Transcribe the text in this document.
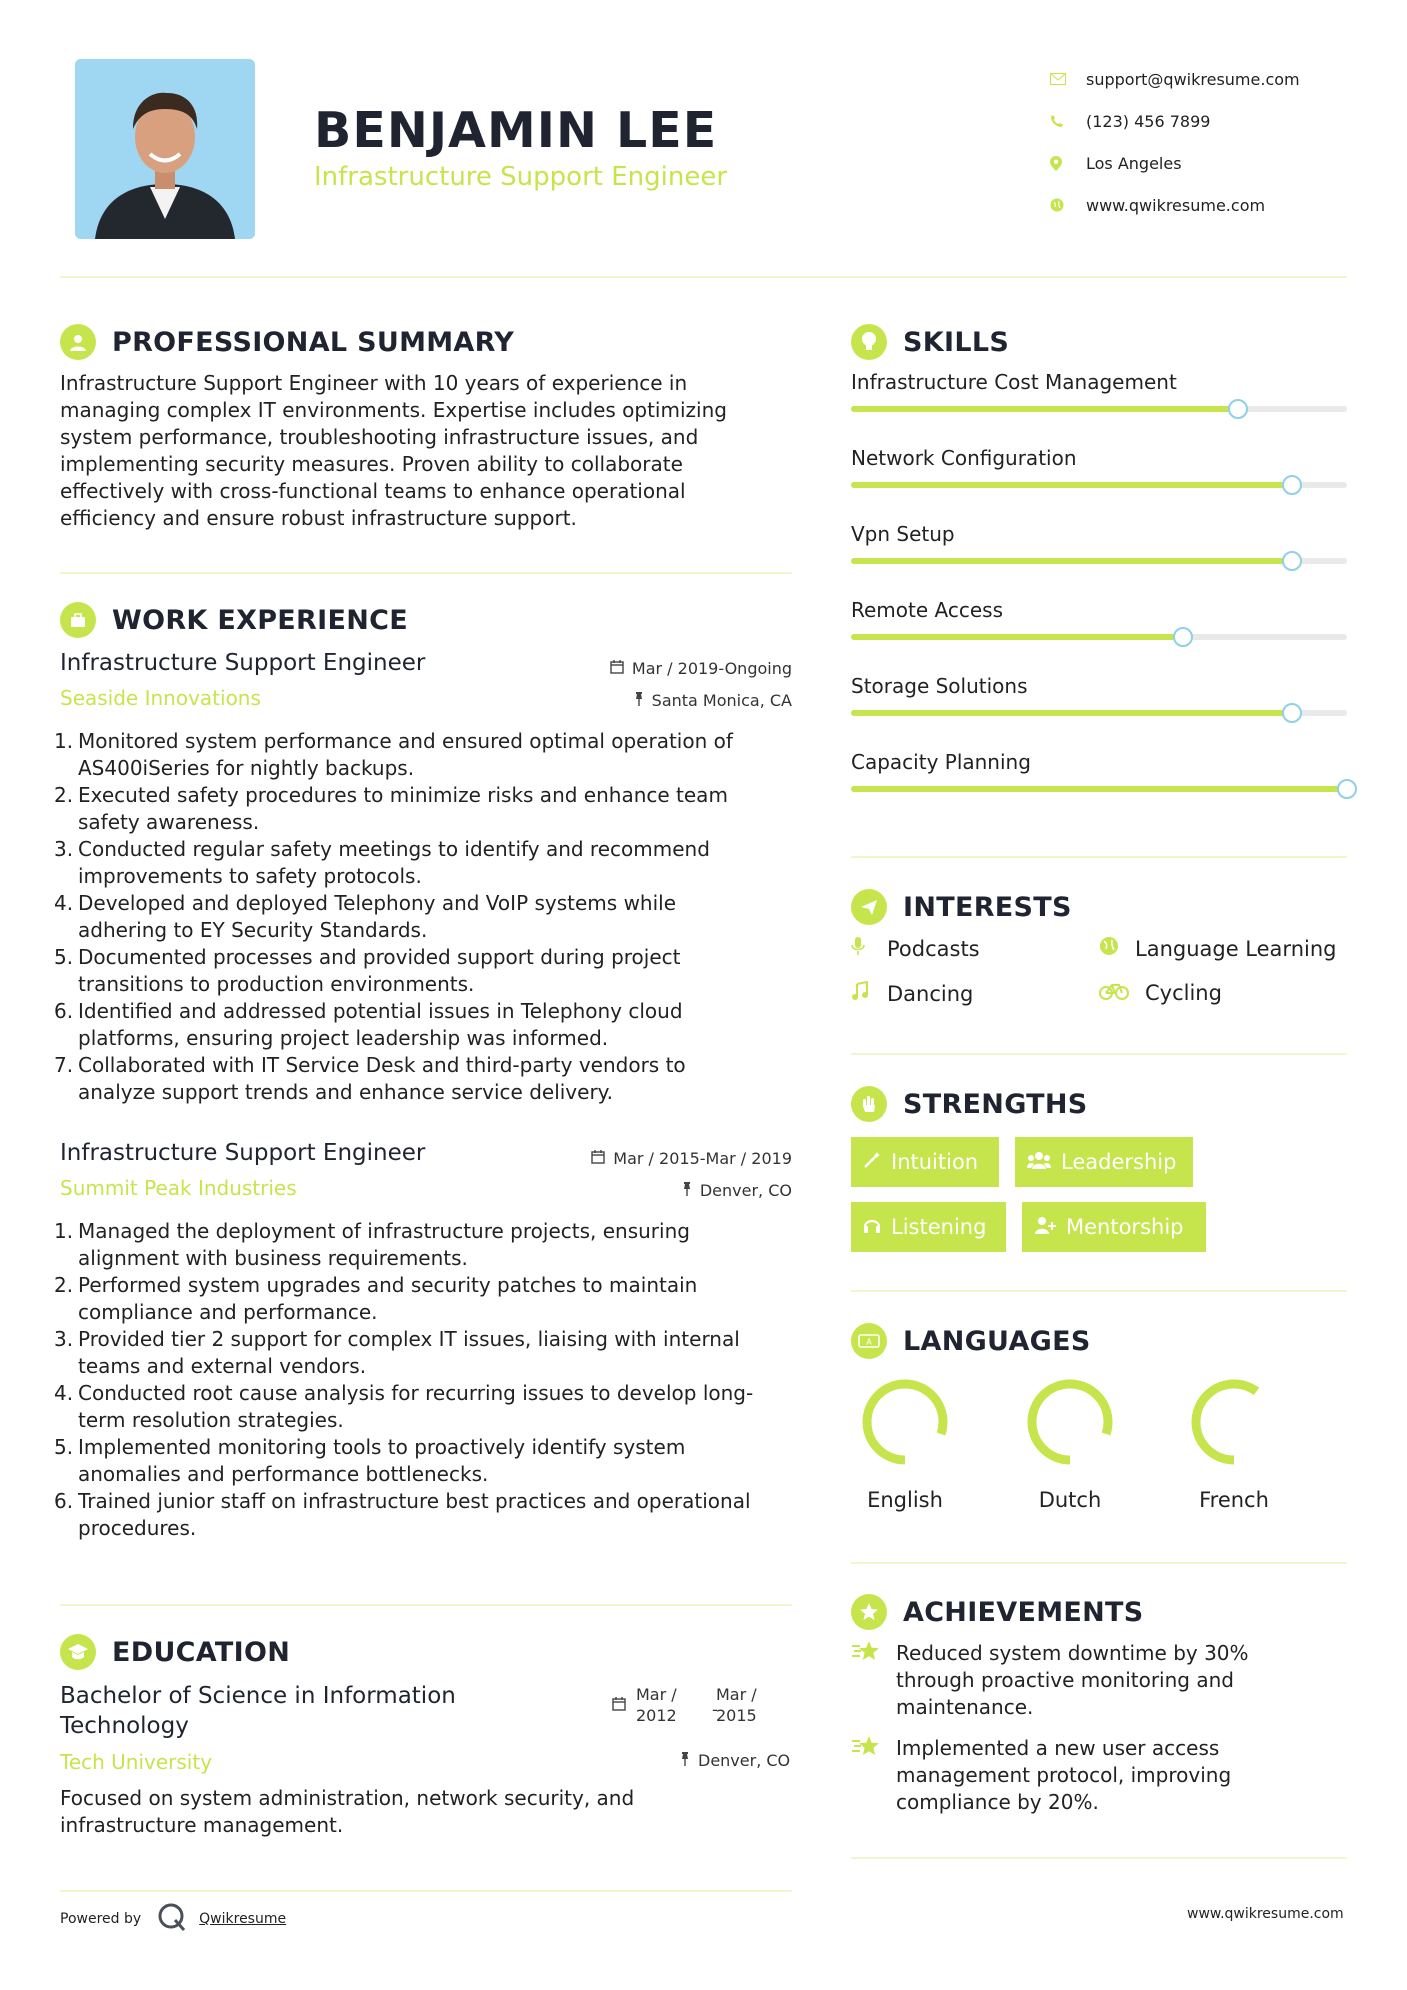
BENJAMIN LEE
Infrastructure Support Engineer
support@qwikresume.com
(123) 456 7899
Los Angeles
www.qwikresume.com
PROFESSIONAL SUMMARY
Infrastructure Support Engineer with 10 years of experience in
managing complex IT environments. Expertise includes optimizing
system performance, troubleshooting infrastructure issues, and
implementing security measures. Proven ability to collaborate
effectively with cross-functional teams to enhance operational
efficiency and ensure robust infrastructure support.
WORK EXPERIENCE
Infrastructure Support Engineer	Mar / 2019-Ongoing
Seaside Innovations	Santa Monica, CA
1. Monitored system performance and ensured optimal operation of
AS400iSeries for nightly backups.
2. Executed safety procedures to minimize risks and enhance team
safety awareness.
3. Conducted regular safety meetings to identify and recommend
improvements to safety protocols.
4. Developed and deployed Telephony and VoIP systems while
adhering to EY Security Standards.
5. Documented processes and provided support during project
transitions to production environments.
6. Identified and addressed potential issues in Telephony cloud
platforms, ensuring project leadership was informed.
7. Collaborated with IT Service Desk and third-party vendors to
analyze support trends and enhance service delivery.
Infrastructure Support Engineer	Mar / 2015-Mar / 2019
Summit Peak Industries	Denver, CO
1. Managed the deployment of infrastructure projects, ensuring
alignment with business requirements.
2. Performed system upgrades and security patches to maintain
compliance and performance.
3. Provided tier 2 support for complex IT issues, liaising with internal
teams and external vendors.
4. Conducted root cause analysis for recurring issues to develop long-
term resolution strategies.
5. Implemented monitoring tools to proactively identify system
anomalies and performance bottlenecks.
6. Trained junior staff on infrastructure best practices and operational
procedures.
EDUCATION
Bachelor of Science in Information
Technology
Mar /
2012
Mar /
-
2015
Tech University	Denver, CO
Focused on system administration, network security, and
infrastructure management.
SKILLS
Infrastructure Cost Management
Network Configuration
Vpn Setup
Remote Access
Storage Solutions
Capacity Planning
INTERESTS
Podcasts	Language Learning
Dancing	Cycling
STRENGTHS
Intuition	Leadership
Listening	Mentorship
A LANGUAGES
English	Dutch	French
ACHIEVEMENTS
Reduced system downtime by 30%
through proactive monitoring and
maintenance.
Implemented a new user access
management protocol, improving
compliance by 20%.
Powered by	Qwikresume	www.qwikresume.com
